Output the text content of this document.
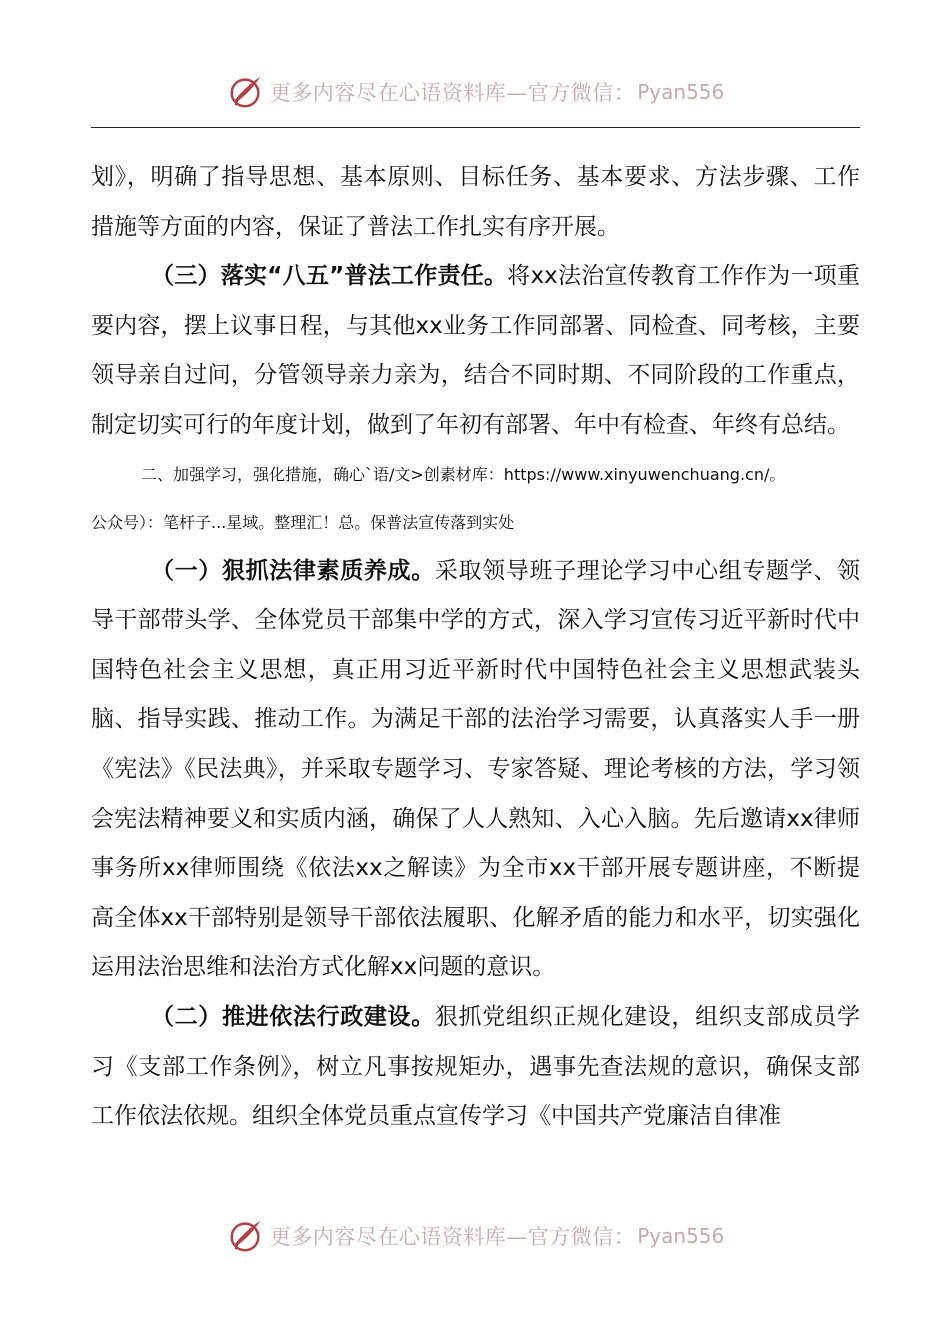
更多内容尽在心语资料库—官方微信： Pyan556

划》，明确了指导思想、基本原则、目标任务、基本要求、方法步骤、工作措施等方面的内容，保证了普法工作扎实有序开展。

（三）落实“八五”普法工作责任。将xx法治宣传教育工作作为一项重要内容，摆上议事日程，与其他xx业务工作同部署、同检查、同考核，主要领导亲自过问，分管领导亲力亲为，结合不同时期、不同阶段的工作重点，制定切实可行的年度计划，做到了年初有部署、年中有检查、年终有总结。

二、加强学习，强化措施，确心`语/文>创素材库：https://www.xinyuwenchuang.cn/。

公众号）：笔杆子...星域。整理汇！总。保普法宣传落到实处

（一）狠抓法律素质养成。采取领导班子理论学习中心组专题学、领导干部带头学、全体党员干部集中学的方式，深入学习宣传习近平新时代中国特色社会主义思想，真正用习近平新时代中国特色社会主义思想武装头脑、指导实践、推动工作。为满足干部的法治学习需要，认真落实人手一册《宪法》《民法典》，并采取专题学习、专家答疑、理论考核的方法，学习领会宪法精神要义和实质内涵，确保了人人熟知、入心入脑。先后邀请xx律师事务所xx律师围绕《依法xx之解读》为全市xx干部开展专题讲座，不断提高全体xx干部特别是领导干部依法履职、化解矛盾的能力和水平，切实强化运用法治思维和法治方式化解xx问题的意识。

（二）推进依法行政建设。狠抓党组织正规化建设，组织支部成员学习《支部工作条例》，树立凡事按规矩办，遇事先查法规的意识，确保支部工作依法依规。组织全体党员重点宣传学习《中国共产党廉洁自律准

更多内容尽在心语资料库—官方微信： Pyan556
